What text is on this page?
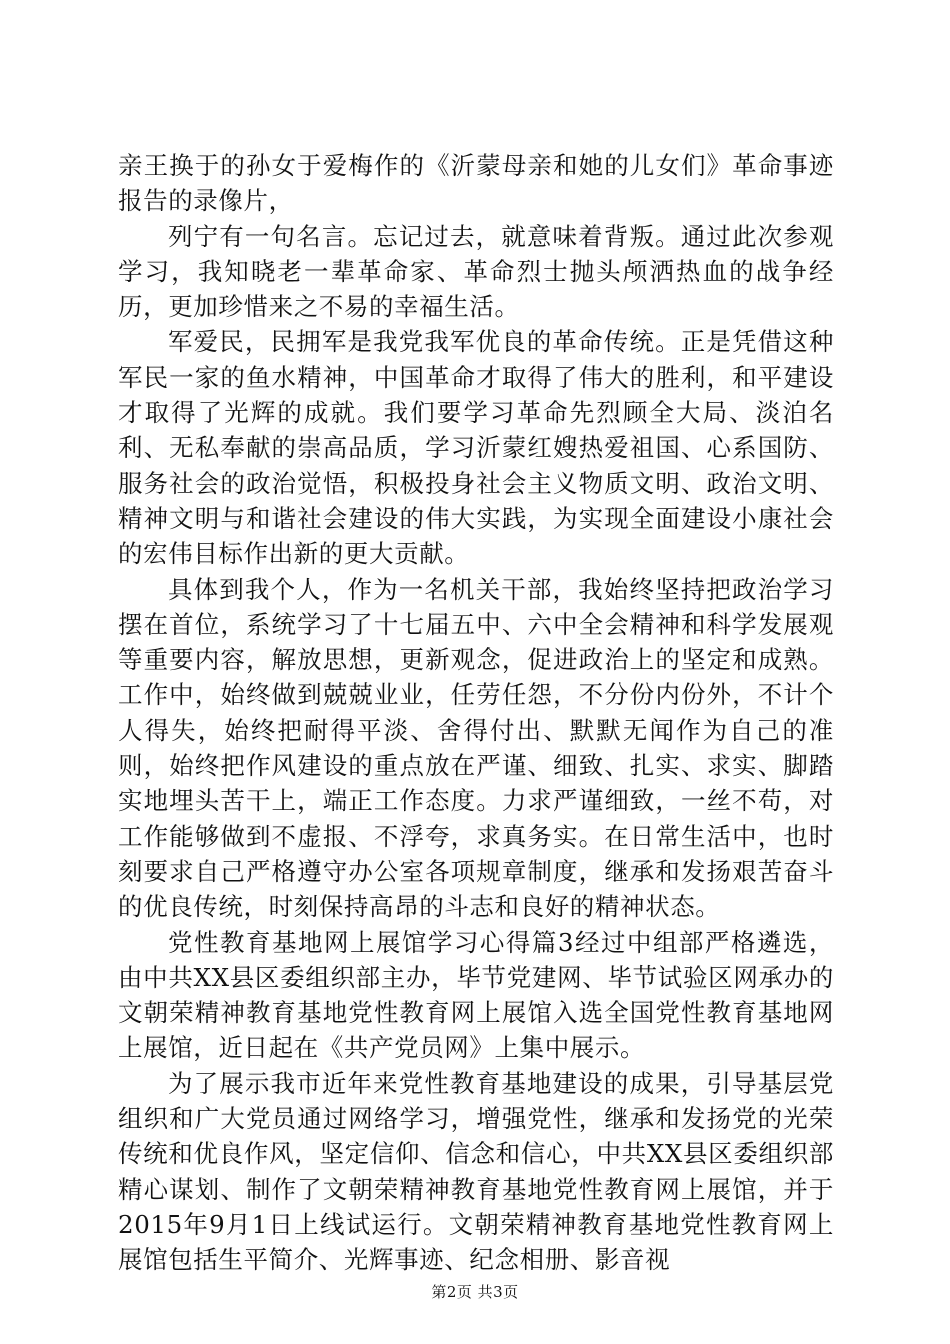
亲王换于的孙女于爱梅作的《沂蒙母亲和她的儿女们》革命事迹报告的录像片，

列宁有一句名言。忘记过去，就意味着背叛。通过此次参观学习，我知晓老一辈革命家、革命烈士抛头颅洒热血的战争经历，更加珍惜来之不易的幸福生活。

军爱民，民拥军是我党我军优良的革命传统。正是凭借这种军民一家的鱼水精神，中国革命才取得了伟大的胜利，和平建设才取得了光辉的成就。我们要学习革命先烈顾全大局、淡泊名利、无私奉献的崇高品质，学习沂蒙红嫂热爱祖国、心系国防、服务社会的政治觉悟，积极投身社会主义物质文明、政治文明、精神文明与和谐社会建设的伟大实践，为实现全面建设小康社会的宏伟目标作出新的更大贡献。

具体到我个人，作为一名机关干部，我始终坚持把政治学习摆在首位，系统学习了十七届五中、六中全会精神和科学发展观等重要内容，解放思想，更新观念，促进政治上的坚定和成熟。工作中，始终做到兢兢业业，任劳任怨，不分份内份外，不计个人得失，始终把耐得平淡、舍得付出、默默无闻作为自己的准则，始终把作风建设的重点放在严谨、细致、扎实、求实、脚踏实地埋头苦干上，端正工作态度。力求严谨细致，一丝不苟，对工作能够做到不虚报、不浮夸，求真务实。在日常生活中，也时刻要求自己严格遵守办公室各项规章制度，继承和发扬艰苦奋斗的优良传统，时刻保持高昂的斗志和良好的精神状态。

党性教育基地网上展馆学习心得篇3经过中组部严格遴选，由中共XX县区委组织部主办，毕节党建网、毕节试验区网承办的文朝荣精神教育基地党性教育网上展馆入选全国党性教育基地网上展馆，近日起在《共产党员网》上集中展示。

为了展示我市近年来党性教育基地建设的成果，引导基层党组织和广大党员通过网络学习，增强党性，继承和发扬党的光荣传统和优良作风，坚定信仰、信念和信心，中共XX县区委组织部精心谋划、制作了文朝荣精神教育基地党性教育网上展馆，并于2015年9月1日上线试运行。文朝荣精神教育基地党性教育网上展馆包括生平简介、光辉事迹、纪念相册、影音视

第2页 共3页
